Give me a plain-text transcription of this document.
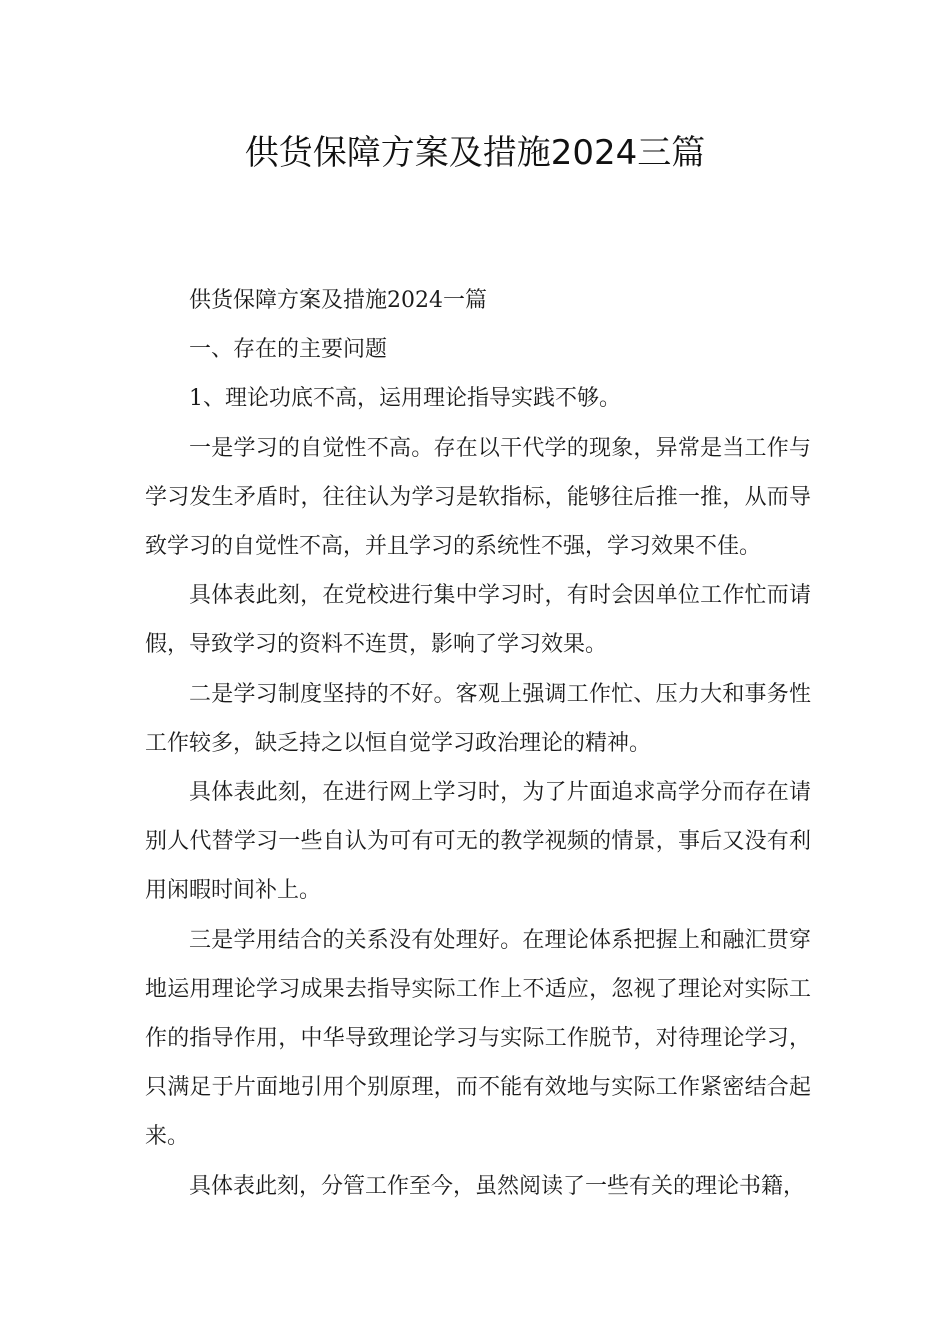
供货保障方案及措施2024三篇

供货保障方案及措施2024一篇

一、存在的主要问题

1、理论功底不高，运用理论指导实践不够。

一是学习的自觉性不高。存在以干代学的现象，异常是当工作与学习发生矛盾时，往往认为学习是软指标，能够往后推一推，从而导致学习的自觉性不高，并且学习的系统性不强，学习效果不佳。

具体表此刻，在党校进行集中学习时，有时会因单位工作忙而请假，导致学习的资料不连贯，影响了学习效果。

二是学习制度坚持的不好。客观上强调工作忙、压力大和事务性工作较多，缺乏持之以恒自觉学习政治理论的精神。

具体表此刻，在进行网上学习时，为了片面追求高学分而存在请别人代替学习一些自认为可有可无的教学视频的情景，事后又没有利用闲暇时间补上。

三是学用结合的关系没有处理好。在理论体系把握上和融汇贯穿地运用理论学习成果去指导实际工作上不适应，忽视了理论对实际工作的指导作用，中华导致理论学习与实际工作脱节，对待理论学习，只满足于片面地引用个别原理，而不能有效地与实际工作紧密结合起来。

具体表此刻，分管工作至今，虽然阅读了一些有关的理论书籍，
